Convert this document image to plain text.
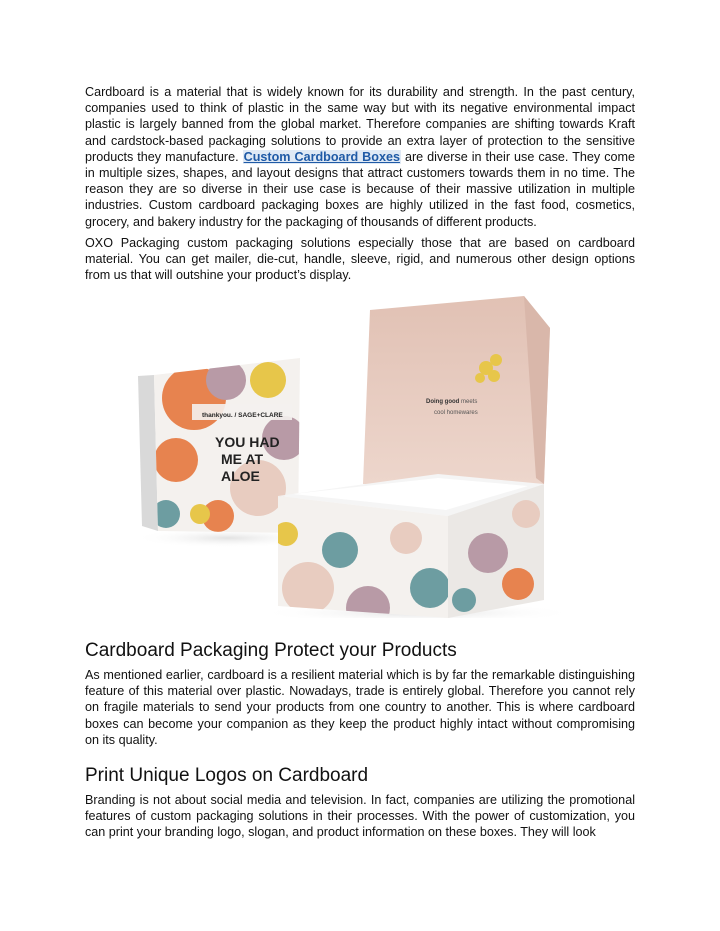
Cardboard is a material that is widely known for its durability and strength. In the past century, companies used to think of plastic in the same way but with its negative environmental impact plastic is largely banned from the global market. Therefore companies are shifting towards Kraft and cardstock-based packaging solutions to provide an extra layer of protection to the sensitive products they manufacture. Custom Cardboard Boxes are diverse in their use case. They come in multiple sizes, shapes, and layout designs that attract customers towards them in no time. The reason they are so diverse in their use case is because of their massive utilization in multiple industries. Custom cardboard packaging boxes are highly utilized in the fast food, cosmetics, grocery, and bakery industry for the packaging of thousands of different products.

OXO Packaging custom packaging solutions especially those that are based on cardboard material. You can get mailer, die-cut, handle, sleeve, rigid, and numerous other design options from us that will outshine your product’s display.

thankyou. / SAGE+CLARE
YOU HAD
ME AT
ALOE
Doing good meets
cool homewares
Cardboard Packaging Protect your Products

As mentioned earlier, cardboard is a resilient material which is by far the remarkable distinguishing feature of this material over plastic. Nowadays, trade is entirely global. Therefore you cannot rely on fragile materials to send your products from one country to another. This is where cardboard boxes can become your companion as they keep the product highly intact without compromising on its quality.

Print Unique Logos on Cardboard

Branding is not about social media and television. In fact, companies are utilizing the promotional features of custom packaging solutions in their processes. With the power of customization, you can print your branding logo, slogan, and product information on these boxes. They will look
